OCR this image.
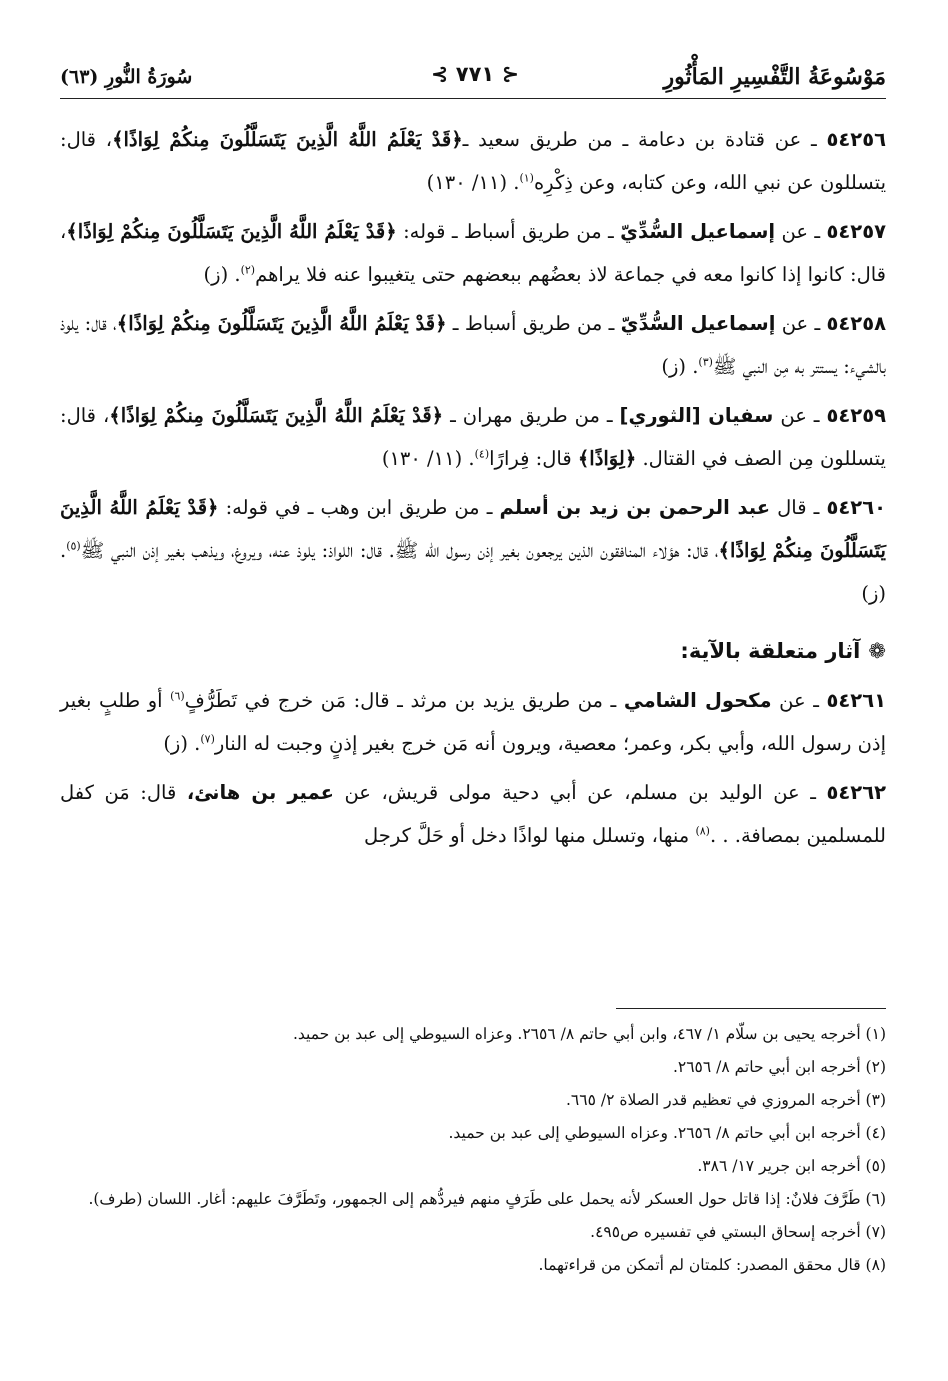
مَوْسُوعَةُ التَّفْسِيرِ المَأْثُورِ
⊰ ٧٧١ ⊱
سُورَةُ النُّورِ (٦٣)

٥٤٢٥٦ ـ عن قتادة بن دعامة ـ من طريق سعيد ـ﴿قَدْ يَعْلَمُ اللَّهُ الَّذِينَ يَتَسَلَّلُونَ مِنكُمْ لِوَاذًا﴾، قال: يتسللون عن نبي الله، وعن كتابه، وعن ذِكْرِه$^{(١)}$. (١١/ ١٣٠)

٥٤٢٥٧ ـ عن إسماعيل السُّدِّيّ ـ من طريق أسباط ـ قوله: ﴿قَدْ يَعْلَمُ اللَّهُ الَّذِينَ يَتَسَلَّلُونَ مِنكُمْ لِوَاذًا﴾، قال: كانوا إذا كانوا معه في جماعة لاذ بعضُهم ببعضهم حتى يتغيبوا عنه فلا يراهم$^{(٢)}$. (ز)

٥٤٢٥٨ ـ عن إسماعيل السُّدِّيّ ـ من طريق أسباط ـ ﴿قَدْ يَعْلَمُ اللَّهُ الَّذِينَ يَتَسَلَّلُونَ مِنكُمْ لِوَاذًا﴾، قال: يلوذ بالشيء: يستتر به مِن النبي ﷺ$^{(٣)}$. (ز)

٥٤٢٥٩ ـ عن سفيان [الثوري] ـ من طريق مهران ـ ﴿قَدْ يَعْلَمُ اللَّهُ الَّذِينَ يَتَسَلَّلُونَ مِنكُمْ لِوَاذًا﴾، قال: يتسللون مِن الصف في القتال. ﴿لِوَاذًا﴾ قال: فِرارًا$^{(٤)}$. (١١/ ١٣٠)

٥٤٢٦٠ ـ قال عبد الرحمن بن زيد بن أسلم ـ من طريق ابن وهب ـ في قوله: ﴿قَدْ يَعْلَمُ اللَّهُ الَّذِينَ يَتَسَلَّلُونَ مِنكُمْ لِوَاذًا﴾، قال: هؤلاء المنافقون الذين يرجعون بغير إذن رسول الله ﷺ. قال: اللواذ: يلوذ عنه، ويروغ، ويذهب بغير إذن النبي ﷺ$^{(٥)}$. (ز)

❁آثار متعلقة بالآية:

٥٤٢٦١ ـ عن مكحول الشامي ـ من طريق يزيد بن مرثد ـ قال: مَن خرج في تَطَرُّفٍ$^{(٦)}$ أو طلبٍ بغير إذن رسول الله، وأبي بكر، وعمر؛ معصية، ويرون أنه مَن خرج بغير إذنٍ وجبت له النار$^{(٧)}$. (ز)

٥٤٢٦٢ ـ عن الوليد بن مسلم، عن أبي دحية مولى قريش، عن عمير بن هانئ، قال: مَن كفل للمسلمين بمصافة. . .$^{(٨)}$ منها، وتسلل منها لواذًا دخل أو حَلَّ كرجل

(١) أخرجه يحيى بن سلّام ١/ ٤٦٧، وابن أبي حاتم ٨/ ٢٦٥٦. وعزاه السيوطي إلى عبد بن حميد.

(٢) أخرجه ابن أبي حاتم ٨/ ٢٦٥٦.

(٣) أخرجه المروزي في تعظيم قدر الصلاة ٢/ ٦٦٥.

(٤) أخرجه ابن أبي حاتم ٨/ ٢٦٥٦. وعزاه السيوطي إلى عبد بن حميد.

(٥) أخرجه ابن جرير ١٧/ ٣٨٦.

(٦) طَرَّفَ فلانٌ: إذا قاتل حول العسكر لأنه يحمل على طَرَفٍ منهم فيردُّهم إلى الجمهور، وتَطَرَّفَ عليهم: أغار. اللسان (طرف).

(٧) أخرجه إسحاق البستي في تفسيره ص٤٩٥.

(٨) قال محقق المصدر: كلمتان لم أتمكن من قراءتهما.
